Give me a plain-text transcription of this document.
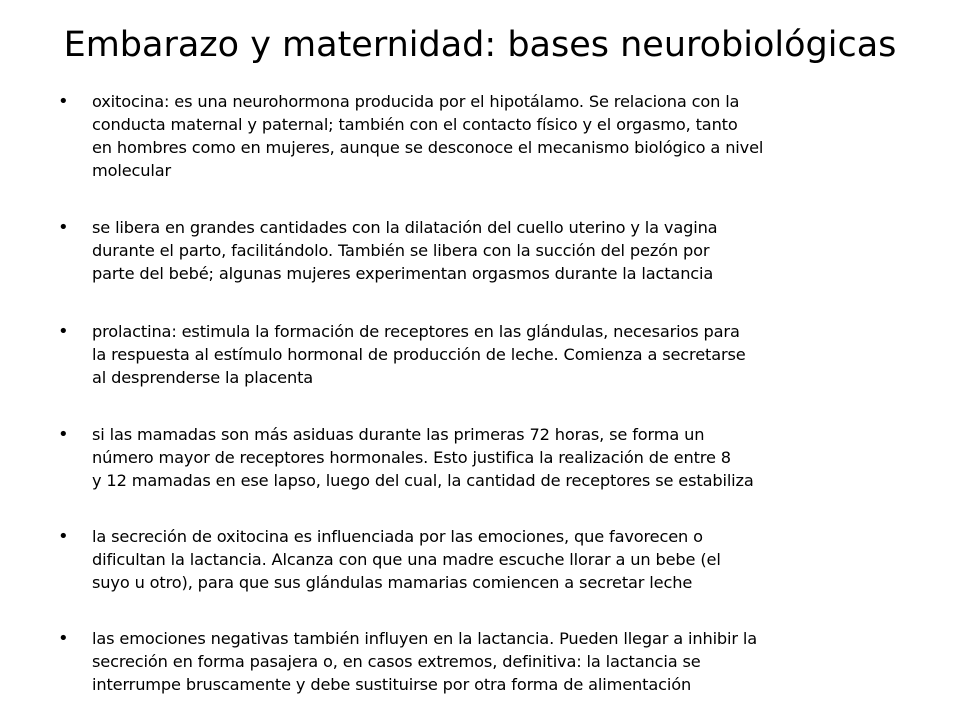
Embarazo y maternidad: bases neurobiológicas
• oxitocina: es una neurohormona producida por el hipotálamo. Se relaciona con la
conducta maternal y paternal; también con el contacto físico y el orgasmo, tanto
en hombres como en mujeres, aunque se desconoce el mecanismo biológico a nivel
molecular
• se libera en grandes cantidades con la dilatación del cuello uterino y la vagina
durante el parto, facilitándolo. También se libera con la succión del pezón por
parte del bebé; algunas mujeres experimentan orgasmos durante la lactancia
• prolactina: estimula la formación de receptores en las glándulas, necesarios para
la respuesta al estímulo hormonal de producción de leche. Comienza a secretarse
al desprenderse la placenta
• si las mamadas son más asiduas durante las primeras 72 horas, se forma un
número mayor de receptores hormonales. Esto justifica la realización de entre 8
y 12 mamadas en ese lapso, luego del cual, la cantidad de receptores se estabiliza
• la secreción de oxitocina es influenciada por las emociones, que favorecen o
dificultan la lactancia. Alcanza con que una madre escuche llorar a un bebe (el
suyo u otro), para que sus glándulas mamarias comiencen a secretar leche
• las emociones negativas también influyen en la lactancia. Pueden llegar a inhibir la
secreción en forma pasajera o, en casos extremos, definitiva: la lactancia se
interrumpe bruscamente y debe sustituirse por otra forma de alimentación
